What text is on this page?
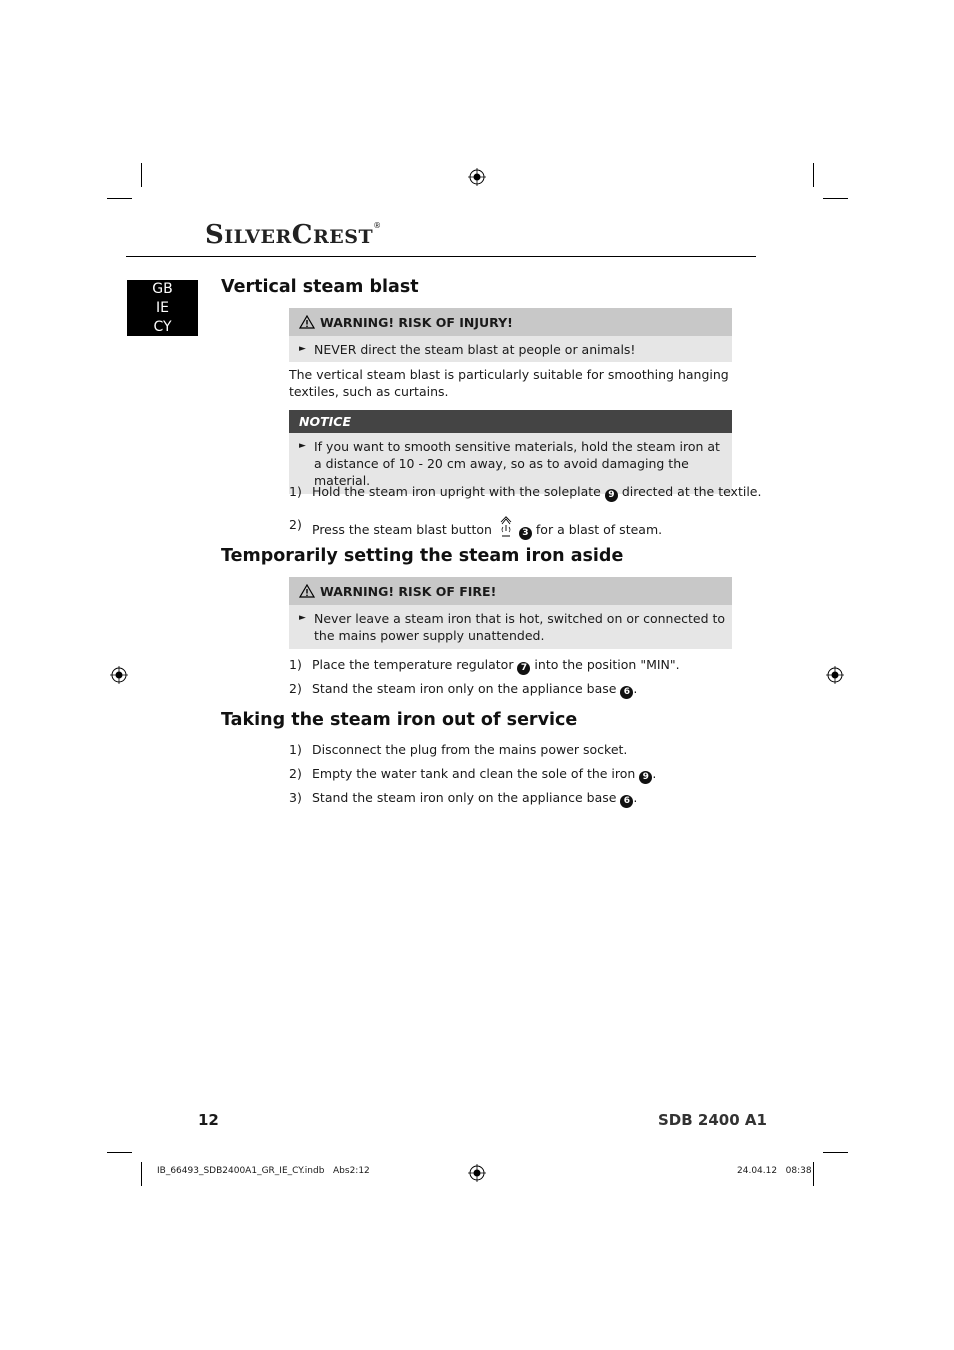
SILVERCREST®
GB
IE
CY
Vertical steam blast
WARNING! RISK OF INJURY!
► NEVER direct the steam blast at people or animals!

The vertical steam blast is particularly suitable for smoothing hanging textiles, such as curtains.

NOTICE
► If you want to smooth sensitive materials, hold the steam iron at a distance of 10 - 20 cm away, so as to avoid damaging the material.
1) Hold the steam iron upright with the soleplate 9 directed at the textile.
2) Press the steam blast button	3 for a blast of steam.
Temporarily setting the steam iron aside
WARNING! RISK OF FIRE!
► Never leave a steam iron that is hot, switched on or connected to the mains power supply unattended.
1) Place the temperature regulator 7 into the position "MIN".
2) Stand the steam iron only on the appliance base 6 .
Taking the steam iron out of service
1) Disconnect the plug from the mains power socket.
2) Empty the water tank and clean the sole of the iron 9 .
3) Stand the steam iron only on the appliance base 6 .
12	SDB 2400 A1
IB_66493_SDB2400A1_GR_IE_CY.indb   Abs2:12	24.04.12   08:38
